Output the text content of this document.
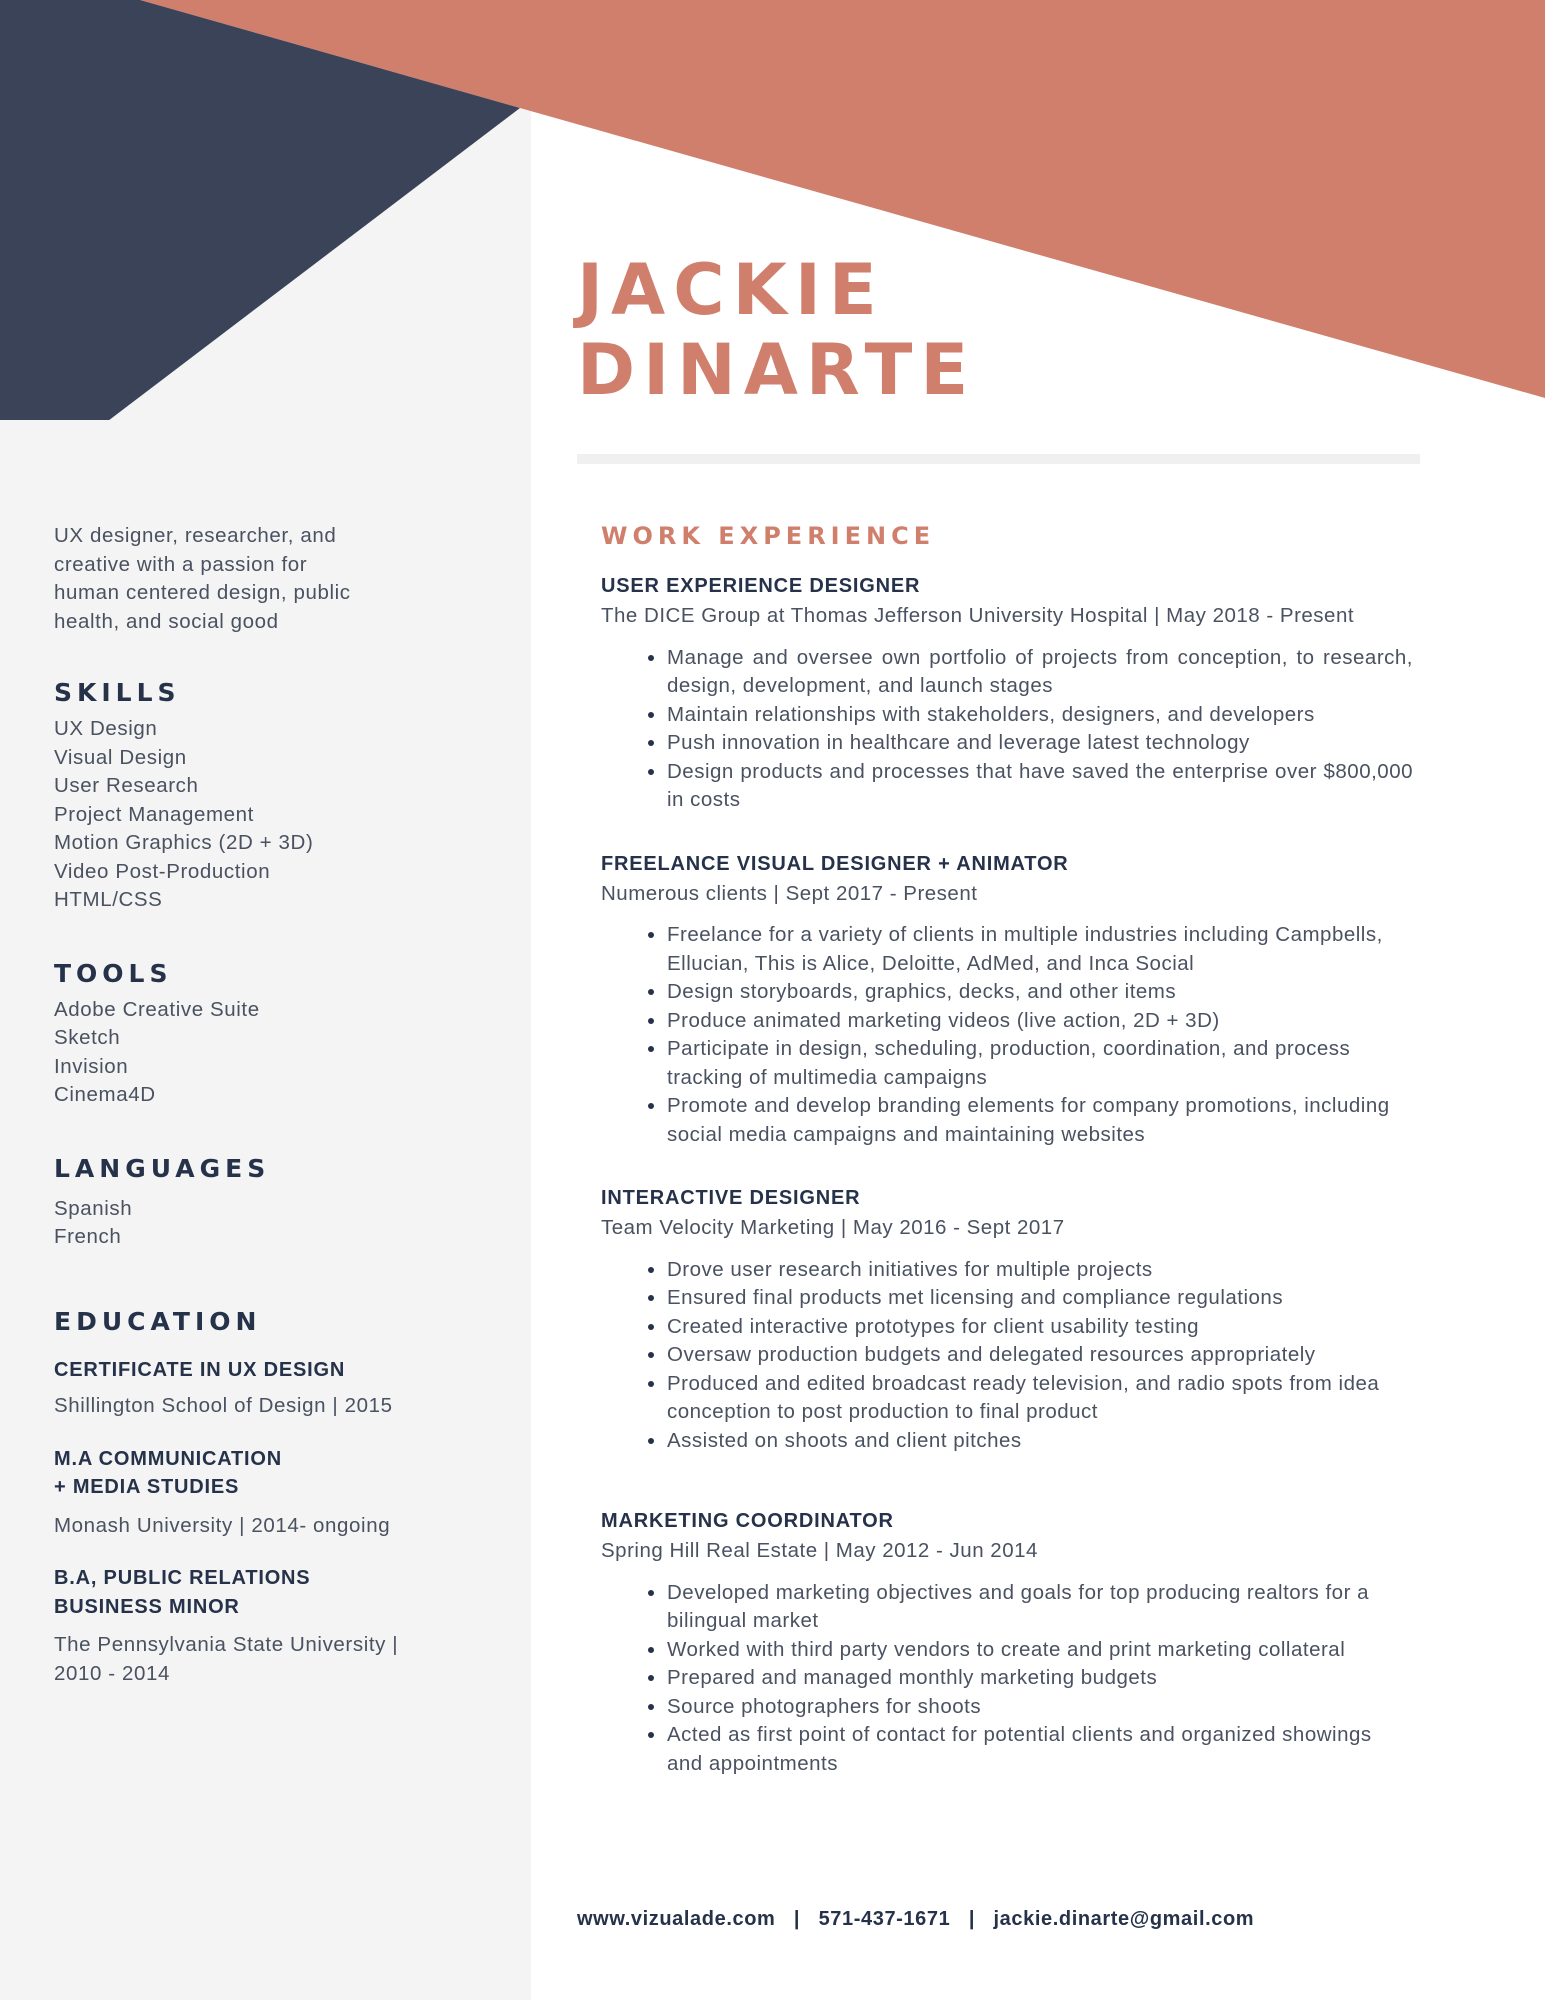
JACKIE
DINARTE

UX designer, researcher, and
creative with a passion for
human centered design, public
health, and social good

SKILLS
UX Design
Visual Design
User Research
Project Management
Motion Graphics (2D + 3D)
Video Post-Production
HTML/CSS
TOOLS
Adobe Creative Suite
Sketch
Invision
Cinema4D
LANGUAGES
Spanish
French
EDUCATION

CERTIFICATE IN UX DESIGN

Shillington School of Design | 2015

M.A COMMUNICATION
+ MEDIA STUDIES

Monash University | 2014- ongoing

B.A, PUBLIC RELATIONS
BUSINESS MINOR

The Pennsylvania State University |
2010 - 2014

WORK EXPERIENCE
USER EXPERIENCE DESIGNER

The DICE Group at Thomas Jefferson University Hospital | May 2018 - Present

• Manage and oversee own portfolio of projects from conception, to research, design, development, and launch stages
• Maintain relationships with stakeholders, designers, and developers
• Push innovation in healthcare and leverage latest technology
• Design products and processes that have saved the enterprise over $800,000 in costs
FREELANCE VISUAL DESIGNER + ANIMATOR

Numerous clients | Sept 2017 - Present

• Freelance for a variety of clients in multiple industries including Campbells, Ellucian, This is Alice, Deloitte, AdMed, and Inca Social
• Design storyboards, graphics, decks, and other items
• Produce animated marketing videos (live action, 2D + 3D)
• Participate in design, scheduling, production, coordination, and process tracking of multimedia campaigns
• Promote and develop branding elements for company promotions, including social media campaigns and maintaining websites
INTERACTIVE DESIGNER

Team Velocity Marketing | May 2016 - Sept 2017

• Drove user research initiatives for multiple projects
• Ensured final products met licensing and compliance regulations
• Created interactive prototypes for client usability testing
• Oversaw production budgets and delegated resources appropriately
• Produced and edited broadcast ready television, and radio spots from idea conception to post production to final product
• Assisted on shoots and client pitches
MARKETING COORDINATOR

Spring Hill Real Estate | May 2012 - Jun 2014

• Developed marketing objectives and goals for top producing realtors for a bilingual market
• Worked with third party vendors to create and print marketing collateral
• Prepared and managed monthly marketing budgets
• Source photographers for shoots
• Acted as first point of contact for potential clients and organized showings and appointments

www.vizualade.com | 571-437-1671 | jackie.dinarte@gmail.com
